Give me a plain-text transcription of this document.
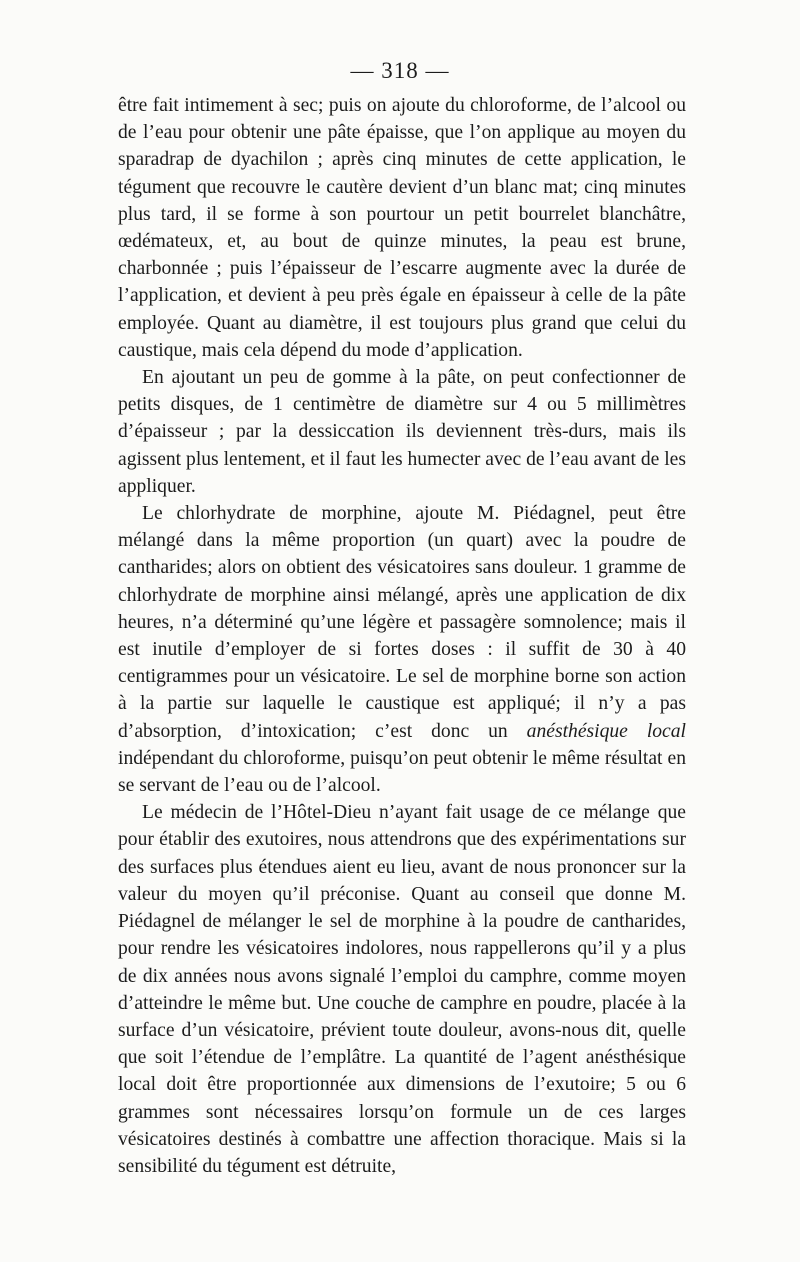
— 318 —

être fait intimement à sec; puis on ajoute du chloroforme, de l’alcool ou de l’eau pour obtenir une pâte épaisse, que l’on applique au moyen du sparadrap de dyachilon ; après cinq minutes de cette application, le tégument que recouvre le cautère devient d’un blanc mat; cinq minutes plus tard, il se forme à son pourtour un petit bourrelet blanchâtre, œdémateux, et, au bout de quinze minutes, la peau est brune, charbonnée ; puis l’épaisseur de l’escarre augmente avec la durée de l’application, et devient à peu près égale en épaisseur à celle de la pâte employée. Quant au diamètre, il est toujours plus grand que celui du caustique, mais cela dépend du mode d’application.

En ajoutant un peu de gomme à la pâte, on peut confectionner de petits disques, de 1 centimètre de diamètre sur 4 ou 5 millimètres d’épaisseur ; par la dessiccation ils deviennent très-durs, mais ils agissent plus lentement, et il faut les humecter avec de l’eau avant de les appliquer.

Le chlorhydrate de morphine, ajoute M. Piédagnel, peut être mélangé dans la même proportion (un quart) avec la poudre de cantharides; alors on obtient des vésicatoires sans douleur. 1 gramme de chlorhydrate de morphine ainsi mélangé, après une application de dix heures, n’a déterminé qu’une légère et passagère somnolence; mais il est inutile d’employer de si fortes doses : il suffit de 30 à 40 centigrammes pour un vésicatoire. Le sel de morphine borne son action à la partie sur laquelle le caustique est appliqué; il n’y a pas d’absorption, d’intoxication; c’est donc un anésthésique local indépendant du chloroforme, puisqu’on peut obtenir le même résultat en se servant de l’eau ou de l’alcool.

Le médecin de l’Hôtel-Dieu n’ayant fait usage de ce mélange que pour établir des exutoires, nous attendrons que des expérimentations sur des surfaces plus étendues aient eu lieu, avant de nous prononcer sur la valeur du moyen qu’il préconise. Quant au conseil que donne M. Piédagnel de mélanger le sel de morphine à la poudre de cantharides, pour rendre les vésicatoires indolores, nous rappellerons qu’il y a plus de dix années nous avons signalé l’emploi du camphre, comme moyen d’atteindre le même but. Une couche de camphre en poudre, placée à la surface d’un vésicatoire, prévient toute douleur, avons-nous dit, quelle que soit l’étendue de l’emplâtre. La quantité de l’agent anésthésique local doit être proportionnée aux dimensions de l’exutoire; 5 ou 6 grammes sont nécessaires lorsqu’on formule un de ces larges vésicatoires destinés à combattre une affection thoracique. Mais si la sensibilité du tégument est détruite,
